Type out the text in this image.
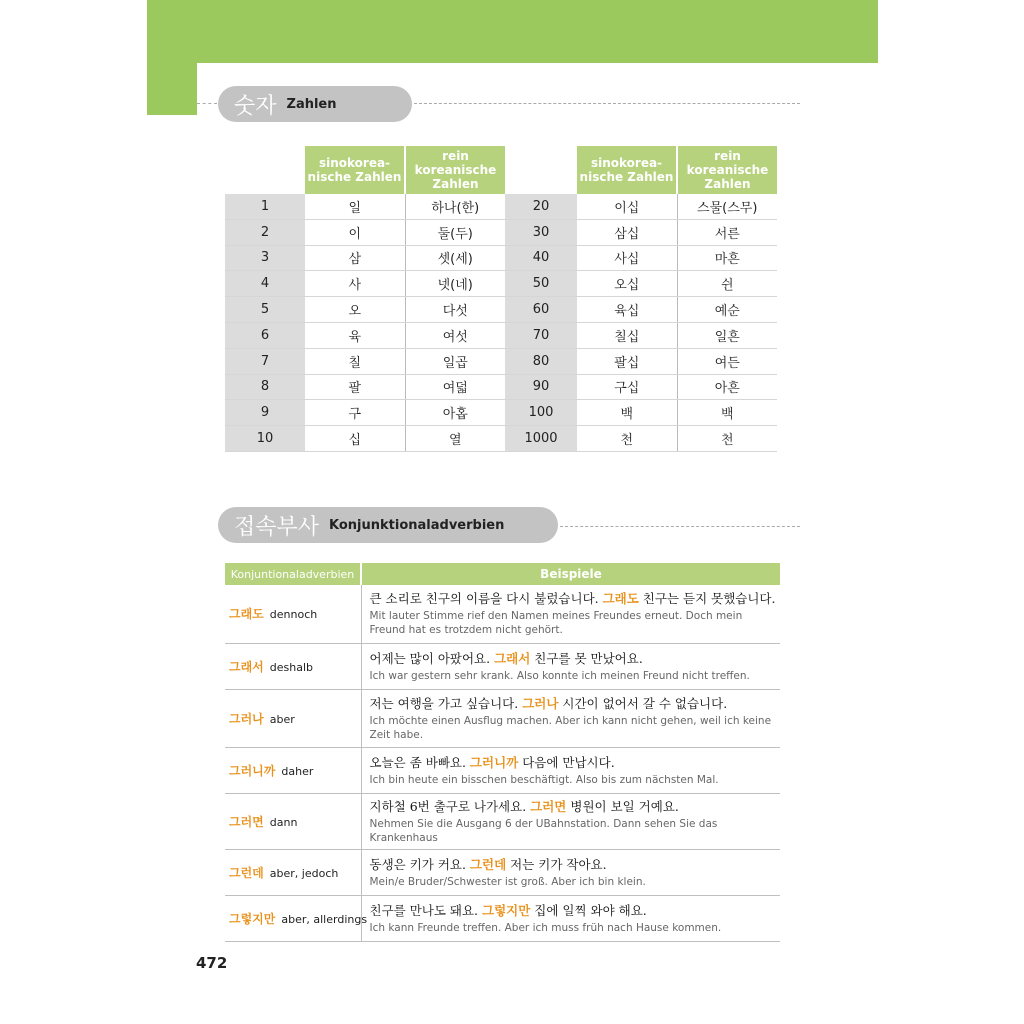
숫자 Zahlen
	sinokorea-nische Zahlen	rein koreanische Zahlen		sinokorea-nische Zahlen	rein koreanische Zahlen
1	일	하나(한)	20	이십	스물(스무)
2	이	둘(두)	30	삼십	서른
3	삼	셋(세)	40	사십	마흔
4	사	넷(네)	50	오십	쉰
5	오	다섯	60	육십	예순
6	육	여섯	70	칠십	일흔
7	칠	일곱	80	팔십	여든
8	팔	여덟	90	구십	아흔
9	구	아홉	100	백	백
10	십	열	1000	천	천
접속부사 Konjunktionaladverbien
Konjuntionaladverbien	Beispiele
그래도 dennoch	큰 소리로 친구의 이름을 다시 불렀습니다. 그래도 친구는 듣지 못했습니다.
Mit lauter Stimme rief den Namen meines Freundes erneut. Doch mein Freund hat es trotzdem nicht gehört.

그래서 deshalb	어제는 많이 아팠어요. 그래서 친구를 못 만났어요.
Ich war gestern sehr krank. Also konnte ich meinen Freund nicht treffen.

그러나 aber	저는 여행을 가고 싶습니다. 그러나 시간이 없어서 갈 수 없습니다.
Ich möchte einen Ausflug machen. Aber ich kann nicht gehen, weil ich keine Zeit habe.

그러니까 daher	오늘은 좀 바빠요. 그러니까 다음에 만납시다.
Ich bin heute ein bisschen beschäftigt. Also bis zum nächsten Mal.

그러면 dann	지하철 6번 출구로 나가세요. 그러면 병원이 보일 거예요.
Nehmen Sie die Ausgang 6 der UBahnstation. Dann sehen Sie das Krankenhaus

그런데 aber, jedoch	동생은 키가 커요. 그런데 저는 키가 작아요.
Mein/e Bruder/Schwester ist groß. Aber ich bin klein.

그렇지만 aber, allerdings	친구를 만나도 돼요. 그렇지만 집에 일찍 와야 해요.
Ich kann Freunde treffen. Aber ich muss früh nach Hause kommen.
472
